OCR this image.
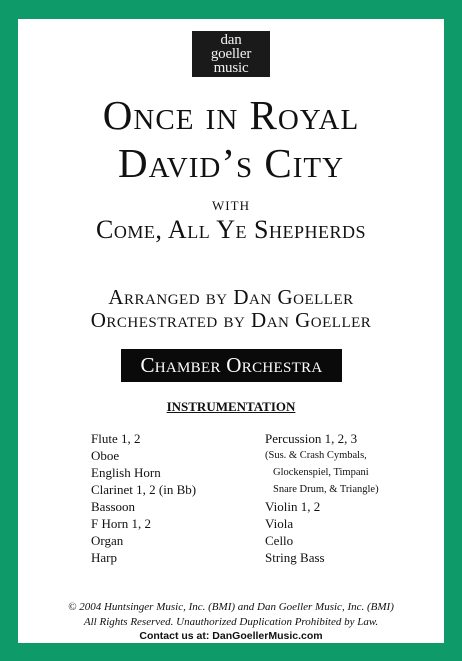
dan
goeller
music
Once in Royal
David’s City
with
Come, All Ye Shepherds
Arranged by Dan Goeller
Orchestrated by Dan Goeller
Chamber Orchestra
INSTRUMENTATION
Flute 1, 2
Oboe
English Horn
Clarinet 1, 2 (in Bb)
Bassoon
F Horn 1, 2
Organ
Harp
Percussion 1, 2, 3
(Sus. & Crash Cymbals,
Glockenspiel, Timpani
Snare Drum, & Triangle)
Violin 1, 2
Viola
Cello
String Bass
© 2004 Huntsinger Music, Inc. (BMI) and Dan Goeller Music, Inc. (BMI)
All Rights Reserved. Unauthorized Duplication Prohibited by Law.
Contact us at: DanGoellerMusic.com
